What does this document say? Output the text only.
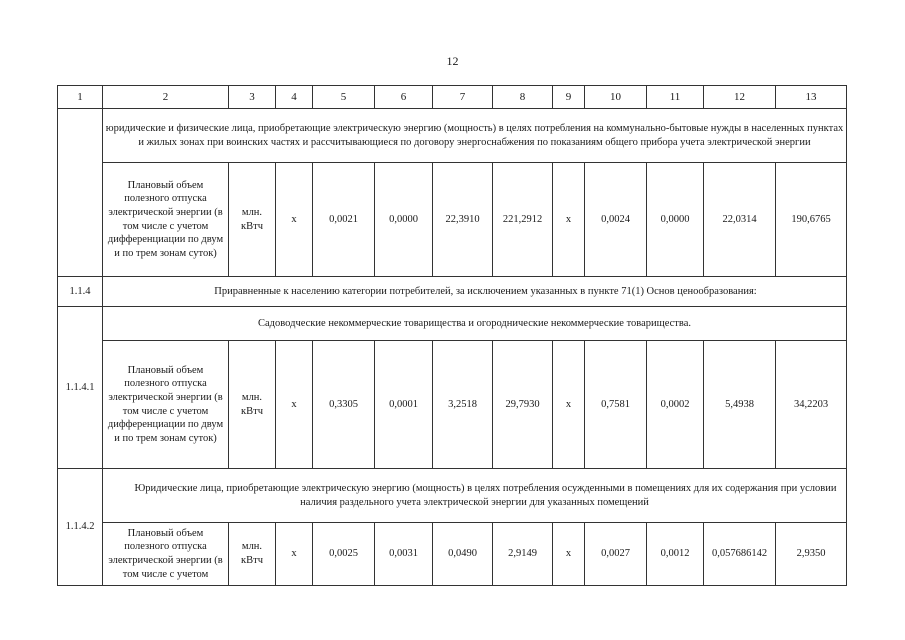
12
1	2	3	4	5	6	7	8	9	10	11	12	13
	юридические и физические лица, приобретающие электрическую энергию (мощность) в целях потребления на коммунально-бытовые нужды в населенных пунктах и жилых зонах при воинских частях и рассчитывающиеся по договору энергоснабжения по показаниям общего прибора учета электрической энергии											
	Плановый объем полезного отпуска электрической энергии (в том числе с учетом дифференциации по двум и по трем зонам суток)	млн. кВтч	х	0,0021	0,0000	22,3910	221,2912	х	0,0024	0,0000	22,0314	190,6765
1.1.4	Приравненные к населению категории потребителей, за исключением указанных в пункте 71(1) Основ ценообразования:											
1.1.4.1	Садоводческие некоммерческие товарищества и огороднические некоммерческие товарищества.											
	Плановый объем полезного отпуска электрической энергии (в том числе с учетом дифференциации по двум и по трем зонам суток)	млн. кВтч	х	0,3305	0,0001	3,2518	29,7930	х	0,7581	0,0002	5,4938	34,2203
1.1.4.2	Юридические лица, приобретающие электрическую энергию (мощность) в целях потребления осужденными в помещениях для их содержания при условии наличия раздельного учета электрической энергии для указанных помещений											
	Плановый объем полезного отпуска электрической энергии (в том числе с учетом	млн. кВтч	х	0,0025	0,0031	0,0490	2,9149	х	0,0027	0,0012	0,057686142	2,9350
